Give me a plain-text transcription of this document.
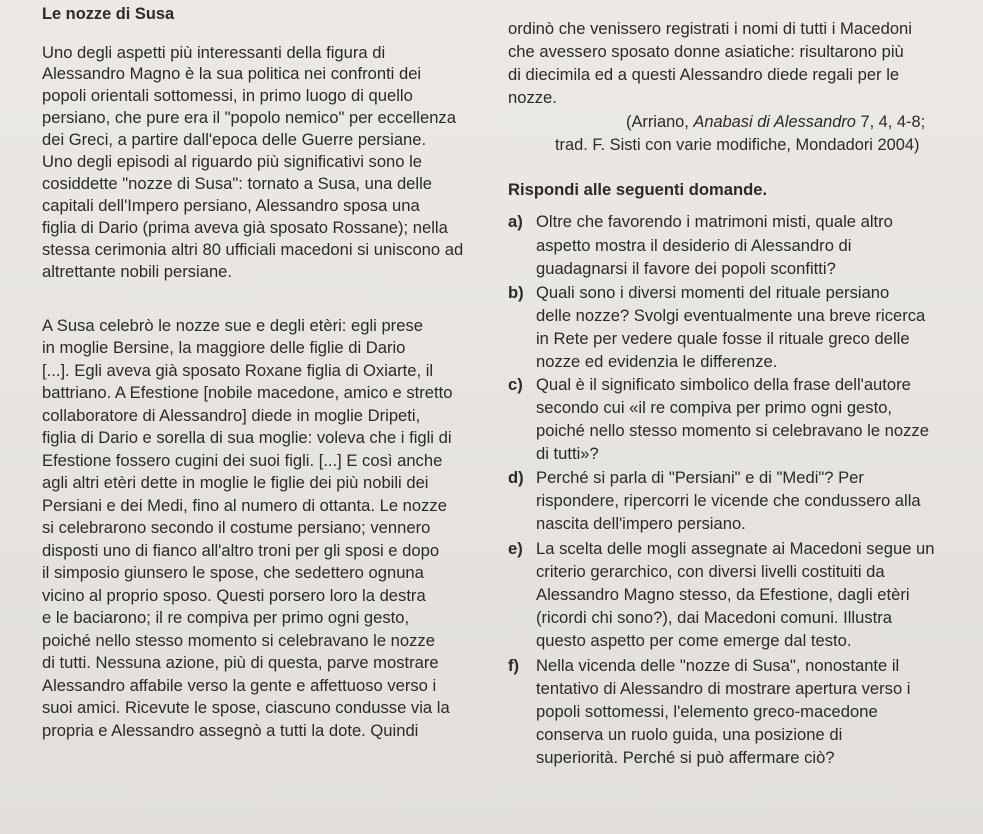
Le nozze di Susa
Uno degli aspetti più interessanti della figura di
Alessandro Magno è la sua politica nei confronti dei
popoli orientali sottomessi, in primo luogo di quello
persiano, che pure era il "popolo nemico" per eccellenza
dei Greci, a partire dall'epoca delle Guerre persiane.
Uno degli episodi al riguardo più significativi sono le
cosiddette "nozze di Susa": tornato a Susa, una delle
capitali dell'Impero persiano, Alessandro sposa una
figlia di Dario (prima aveva già sposato Rossane); nella
stessa cerimonia altri 80 ufficiali macedoni si uniscono ad
altrettante nobili persiane.
A Susa celebrò le nozze sue e degli etèri: egli prese
in moglie Bersine, la maggiore delle figlie di Dario
[...]. Egli aveva già sposato Roxane figlia di Oxiarte, il
battriano. A Efestione [nobile macedone, amico e stretto
collaboratore di Alessandro] diede in moglie Dripeti,
figlia di Dario e sorella di sua moglie: voleva che i figli di
Efestione fossero cugini dei suoi figli. [...] E così anche
agli altri etèri dette in moglie le figlie dei più nobili dei
Persiani e dei Medi, fino al numero di ottanta. Le nozze
si celebrarono secondo il costume persiano; vennero
disposti uno di fianco all'altro troni per gli sposi e dopo
il simposio giunsero le spose, che sedettero ognuna
vicino al proprio sposo. Questi porsero loro la destra
e le baciarono; il re compiva per primo ogni gesto,
poiché nello stesso momento si celebravano le nozze
di tutti. Nessuna azione, più di questa, parve mostrare
Alessandro affabile verso la gente e affettuoso verso i
suoi amici. Ricevute le spose, ciascuno condusse via la
propria e Alessandro assegnò a tutti la dote. Quindi
ordinò che venissero registrati i nomi di tutti i Macedoni
che avessero sposato donne asiatiche: risultarono più
di diecimila ed a questi Alessandro diede regali per le
nozze.
(Arriano, Anabasi di Alessandro 7, 4, 4-8;
trad. F. Sisti con varie modifiche, Mondadori 2004)
Rispondi alle seguenti domande.
a) Oltre che favorendo i matrimoni misti, quale altro
aspetto mostra il desiderio di Alessandro di
guadagnarsi il favore dei popoli sconfitti?
b) Quali sono i diversi momenti del rituale persiano
delle nozze? Svolgi eventualmente una breve ricerca
in Rete per vedere quale fosse il rituale greco delle
nozze ed evidenzia le differenze.
c) Qual è il significato simbolico della frase dell'autore
secondo cui «il re compiva per primo ogni gesto,
poiché nello stesso momento si celebravano le nozze
di tutti»?
d) Perché si parla di "Persiani" e di "Medi"? Per
rispondere, ripercorri le vicende che condussero alla
nascita dell'impero persiano.
e) La scelta delle mogli assegnate ai Macedoni segue un
criterio gerarchico, con diversi livelli costituiti da
Alessandro Magno stesso, da Efestione, dagli etèri
(ricordi chi sono?), dai Macedoni comuni. Illustra
questo aspetto per come emerge dal testo.
f) Nella vicenda delle "nozze di Susa", nonostante il
tentativo di Alessandro di mostrare apertura verso i
popoli sottomessi, l'elemento greco-macedone
conserva un ruolo guida, una posizione di
superiorità. Perché si può affermare ciò?
